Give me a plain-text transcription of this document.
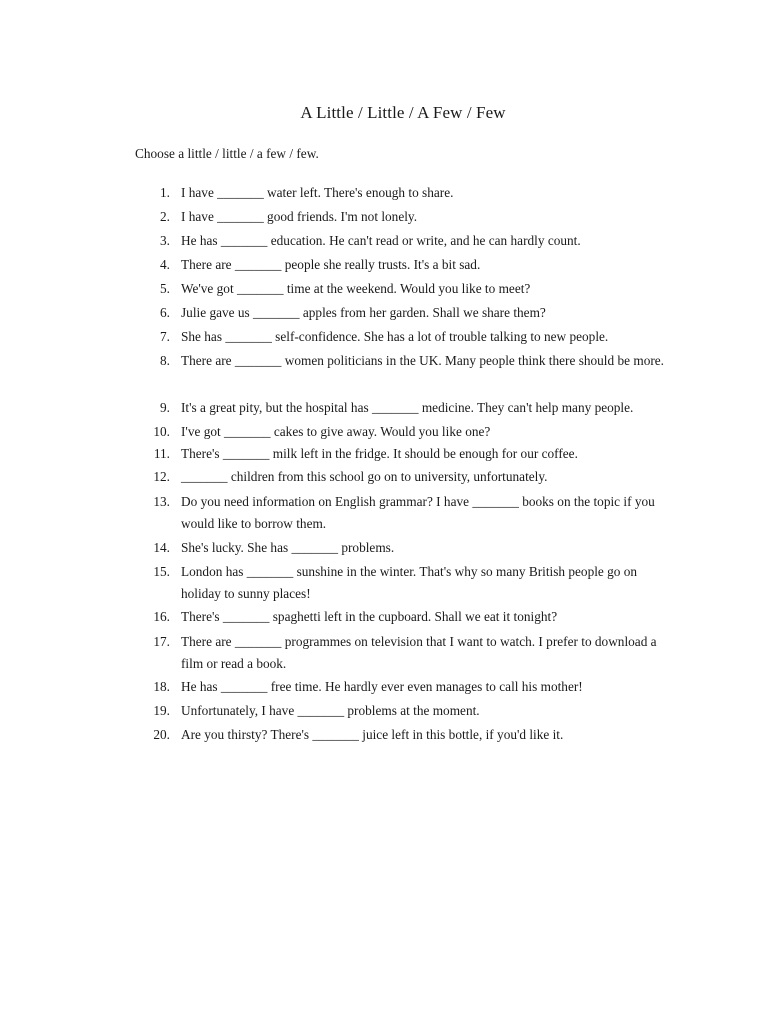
A Little / Little / A Few / Few
Choose a little / little / a few / few.
1. I have _______ water left. There's enough to share.
2. I have _______ good friends. I'm not lonely.
3. He has _______ education. He can't read or write, and he can hardly count.
4. There are _______ people she really trusts. It's a bit sad.
5. We've got _______ time at the weekend. Would you like to meet?
6. Julie gave us _______ apples from her garden. Shall we share them?
7. She has _______ self-confidence. She has a lot of trouble talking to new people.
8. There are _______ women politicians in the UK. Many people think there should be more.
9. It's a great pity, but the hospital has _______ medicine. They can't help many people.
10. I've got _______ cakes to give away. Would you like one?
11. There's _______ milk left in the fridge. It should be enough for our coffee.
12. _______ children from this school go on to university, unfortunately.
13. Do you need information on English grammar? I have _______ books on the topic if you would like to borrow them.
14. She's lucky. She has _______ problems.
15. London has _______ sunshine in the winter. That's why so many British people go on holiday to sunny places!
16. There's _______ spaghetti left in the cupboard. Shall we eat it tonight?
17. There are _______ programmes on television that I want to watch. I prefer to download a film or read a book.
18. He has _______ free time. He hardly ever even manages to call his mother!
19. Unfortunately, I have _______ problems at the moment.
20. Are you thirsty? There's _______ juice left in this bottle, if you'd like it.
